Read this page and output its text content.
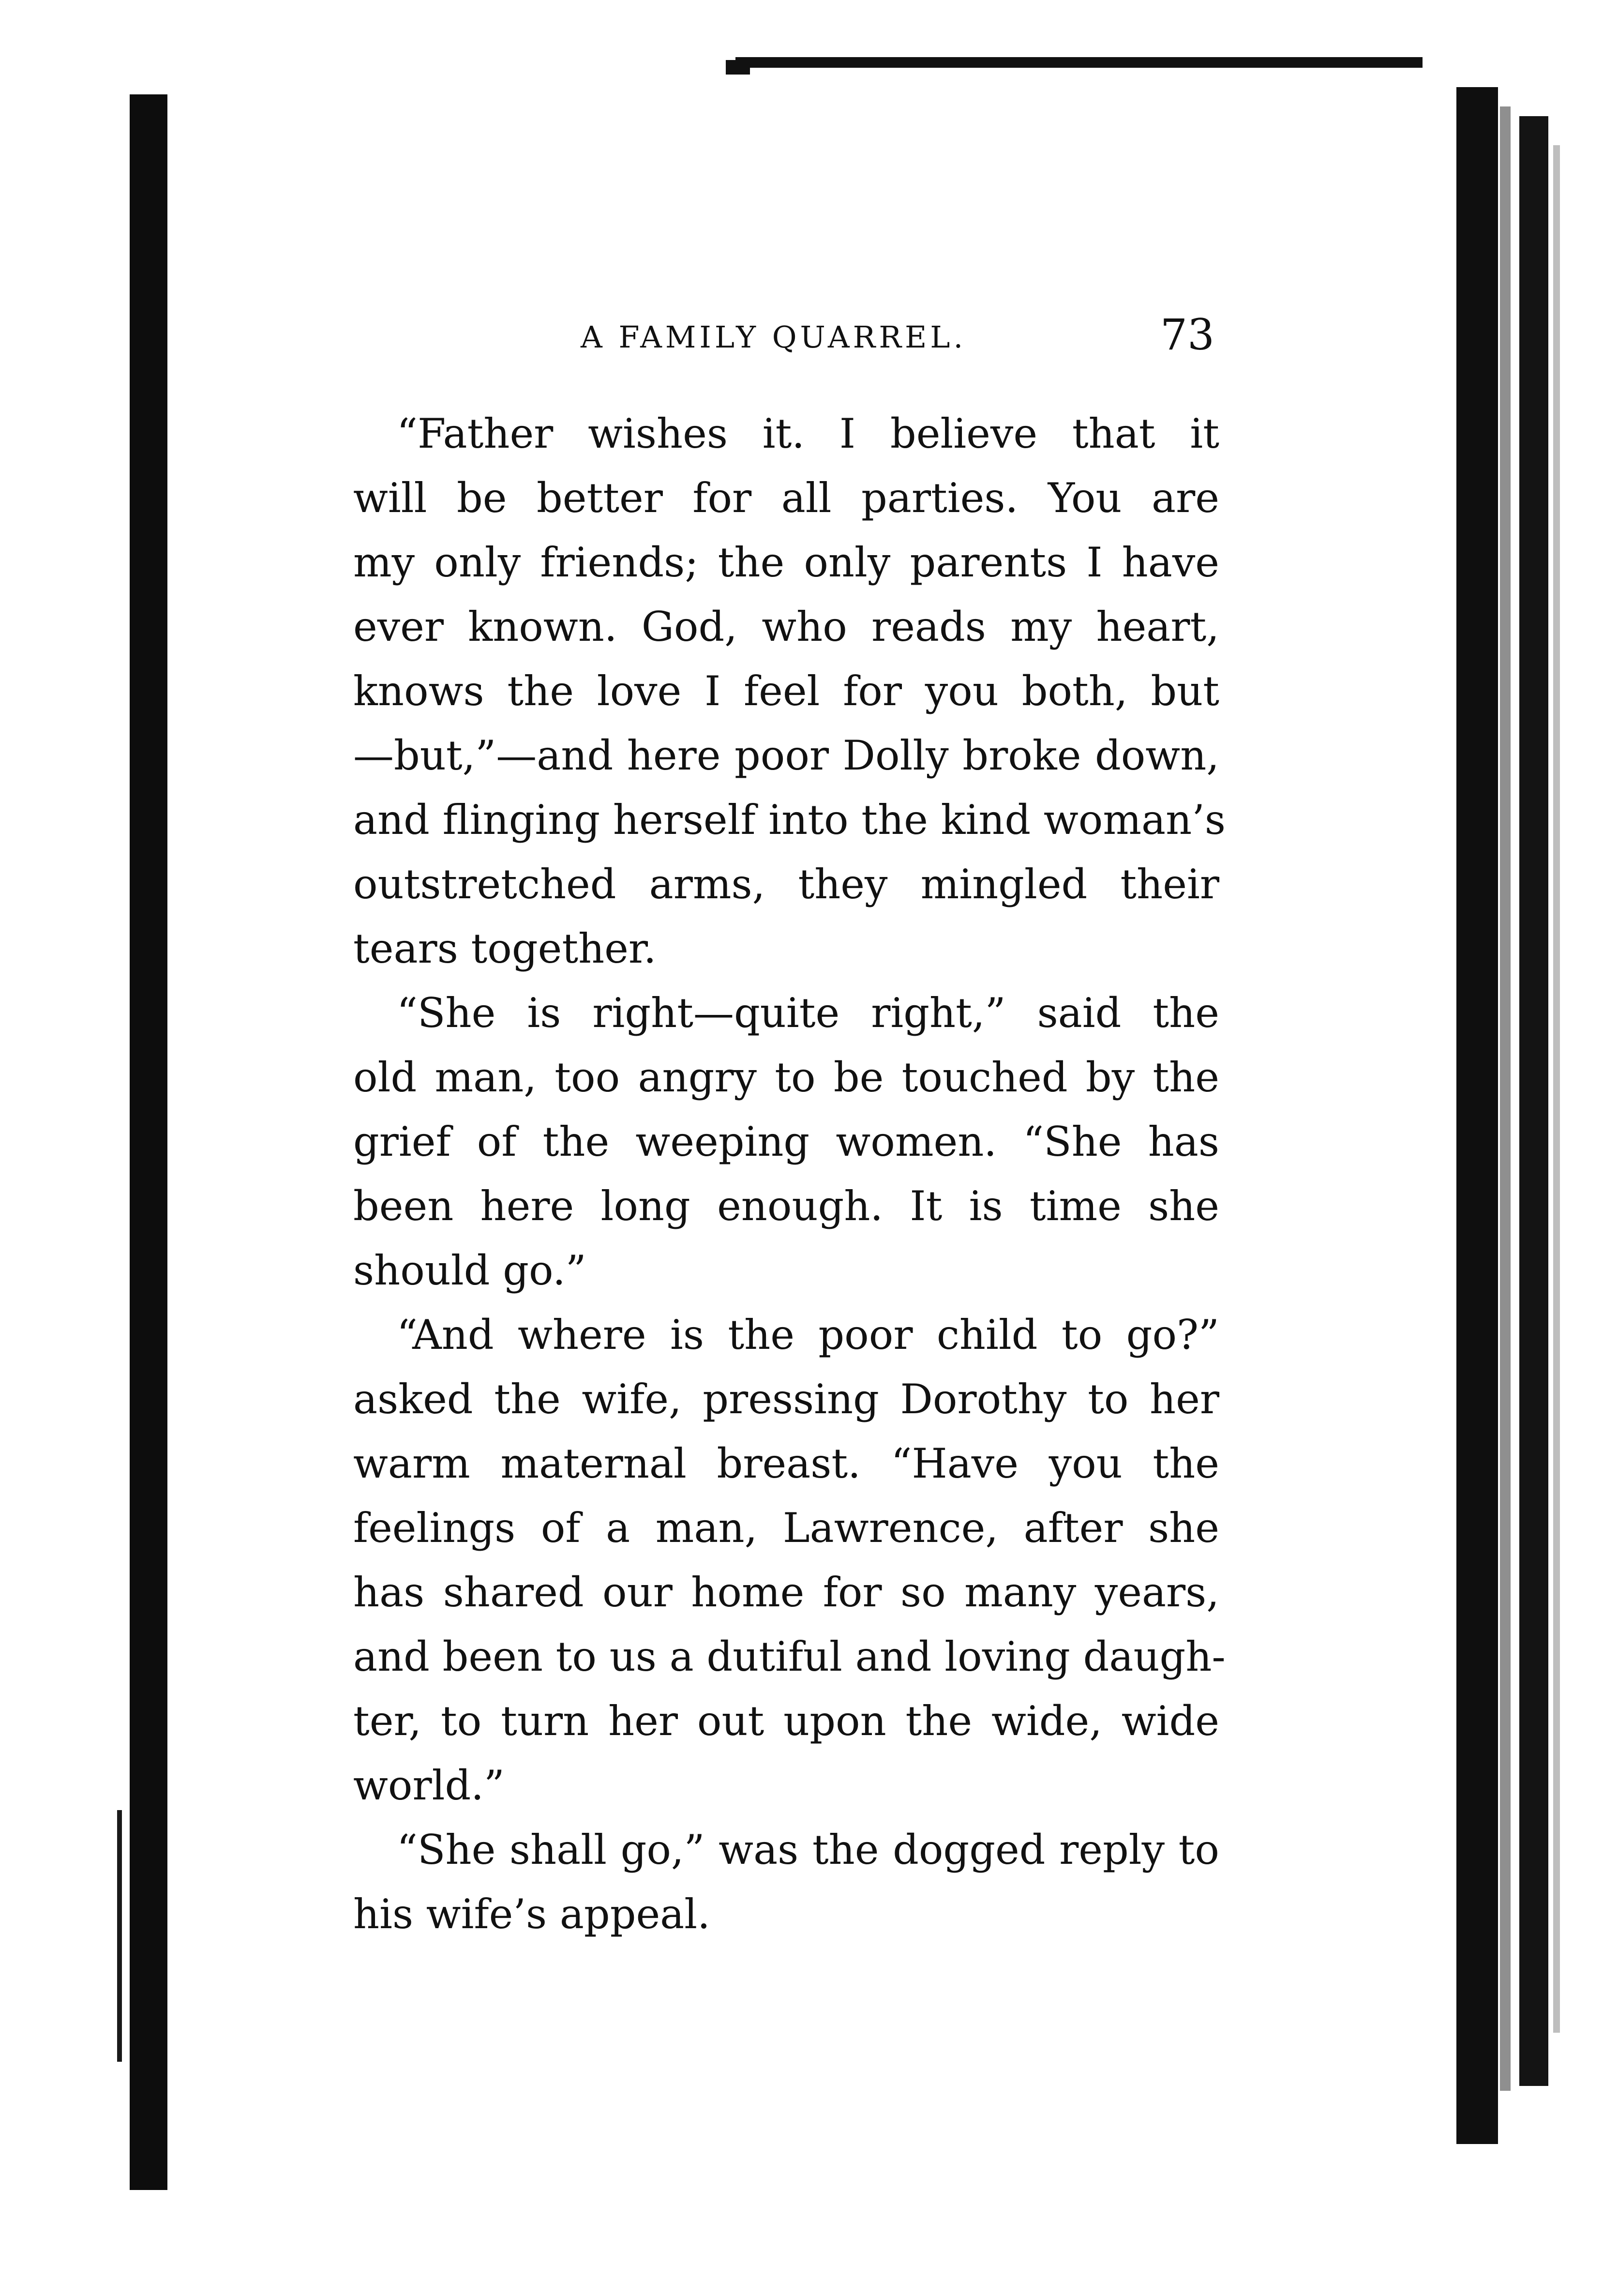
A FAMILY QUARREL.	73
“Father wishes it. I believe that it
will be better for all parties. You are
my only friends; the only parents I have
ever known. God, who reads my heart,
knows the love I feel for you both, but
—but,”—and here poor Dolly broke down,
and flinging herself into the kind woman’s
outstretched arms, they mingled their
tears together.
“She is right—quite right,” said the
old man, too angry to be touched by the
grief of the weeping women. “She has
been here long enough. It is time she
should go.”
“And where is the poor child to go?”
asked the wife, pressing Dorothy to her
warm maternal breast. “Have you the
feelings of a man, Lawrence, after she
has shared our home for so many years,
and been to us a dutiful and loving daugh-
ter, to turn her out upon the wide, wide
world.”
“She shall go,” was the dogged reply to
his wife’s appeal.
